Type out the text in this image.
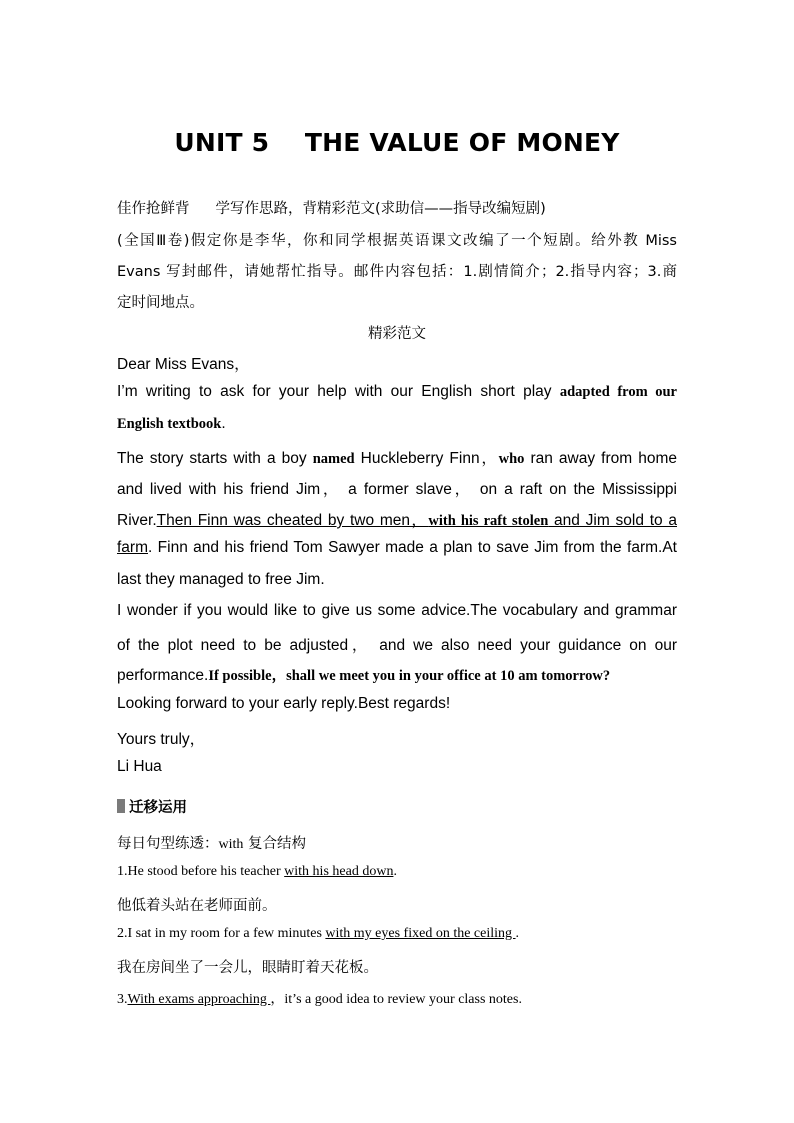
UNIT 5    THE VALUE OF MONEY
佳作抢鲜背 学写作思路，背精彩范文(求助信——指导改编短剧)
(全国Ⅲ卷)假定你是李华，你和同学根据英语课文改编了一个短剧。给外教 Miss
Evans 写封邮件，请她帮忙指导。邮件内容包括：1.剧情简介；2.指导内容；3.商
定时间地点。
精彩范文
Dear Miss Evans，
I’m writing to ask for your help with our English short play adapted from our
English textbook.
The story starts with a boy named Huckleberry Finn，who ran away from home
and lived with his friend Jim， a former slave， on a raft on the Mississippi
River.Then Finn was cheated by two men，with his raft stolen and Jim sold to a
farm. Finn and his friend Tom Sawyer made a plan to save Jim from the farm.At
last they managed to free Jim.
I wonder if you would like to give us some advice.The vocabulary and grammar
of the plot need to be adjusted， and we also need your guidance on our
performance.If possible，shall we meet you in your office at 10 am tomorrow?
Looking forward to your early reply.Best regards!
Yours truly，
Li Hua
迁移运用
每日句型练透：with 复合结构
1.He stood before his teacher with his head down.
他低着头站在老师面前。
2.I sat in my room for a few minutes with my eyes fixed on the ceiling .
我在房间坐了一会儿，眼睛盯着天花板。
3.With exams approaching ，it’s a good idea to review your class notes.
